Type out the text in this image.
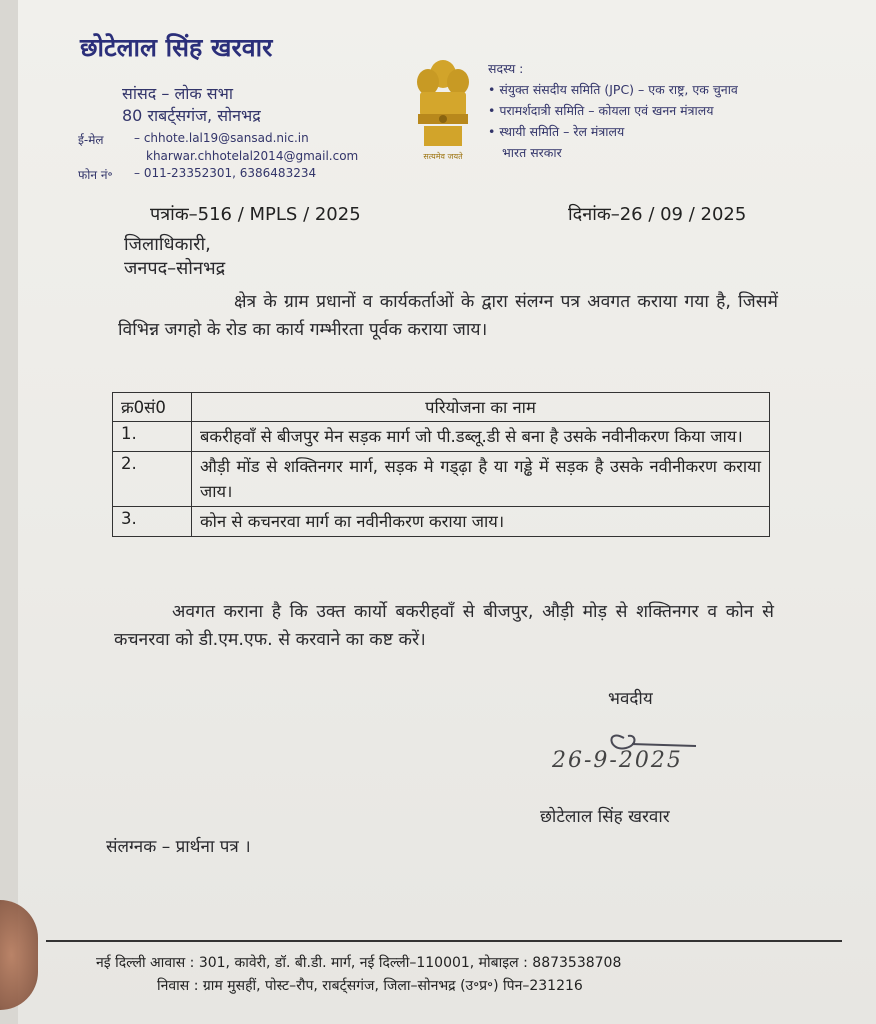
छोटेलाल सिंह खरवार
सांसद – लोक सभा
80 राबर्ट्सगंज, सोनभद्र
ई-मेल	– chhote.lal19@sansad.nic.in
kharwar.chhotelal2014@gmail.com
फोन नं॰ – 011-23352301, 6386483234
सत्यमेव जयते
सदस्य :
• संयुक्त संसदीय समिति (JPC) – एक राष्ट्र, एक चुनाव
• परामर्शदात्री समिति – कोयला एवं खनन मंत्रालय
• स्थायी समिति – रेल मंत्रालय
भारत सरकार
पत्रांक–516 / MPLS / 2025	दिनांक–26 / 09 / 2025
जिलाधिकारी,
जनपद–सोनभद्र
क्षेत्र के ग्राम प्रधानों व कार्यकर्ताओं के द्वारा संलग्न पत्र अवगत कराया गया है, जिसमें विभिन्न जगहो के रोड का कार्य गम्भीरता पूर्वक कराया जाय।
क्र0सं0	परियोजना का नाम
1.	बकरीहवाँ से बीजपुर मेन सड़क मार्ग जो पी.डब्लू.डी से बना है उसके नवीनीकरण किया जाय।
2.	औड़ी मोंड से शक्तिनगर मार्ग, सड़क मे गड्ढ़ा है या गड्ढे में सड़क है उसके नवीनीकरण कराया जाय।
3.	कोन से कचनरवा मार्ग का नवीनीकरण कराया जाय।
अवगत कराना है कि उक्त कार्यो बकरीहवाँ से बीजपुर, औड़ी मोड़ से शक्तिनगर व कोन से कचनरवा को डी.एम.एफ. से करवाने का कष्ट करें।
भवदीय
26-9-2025
छोटेलाल सिंह खरवार
संलग्नक – प्रार्थना पत्र ।
नई दिल्ली आवास : 301, कावेरी, डॉ. बी.डी. मार्ग, नई दिल्ली–110001, मोबाइल : 8873538708
निवास : ग्राम मुसहीं, पोस्ट–रौप, राबर्ट्सगंज, जिला–सोनभद्र (उ॰प्र॰) पिन–231216
